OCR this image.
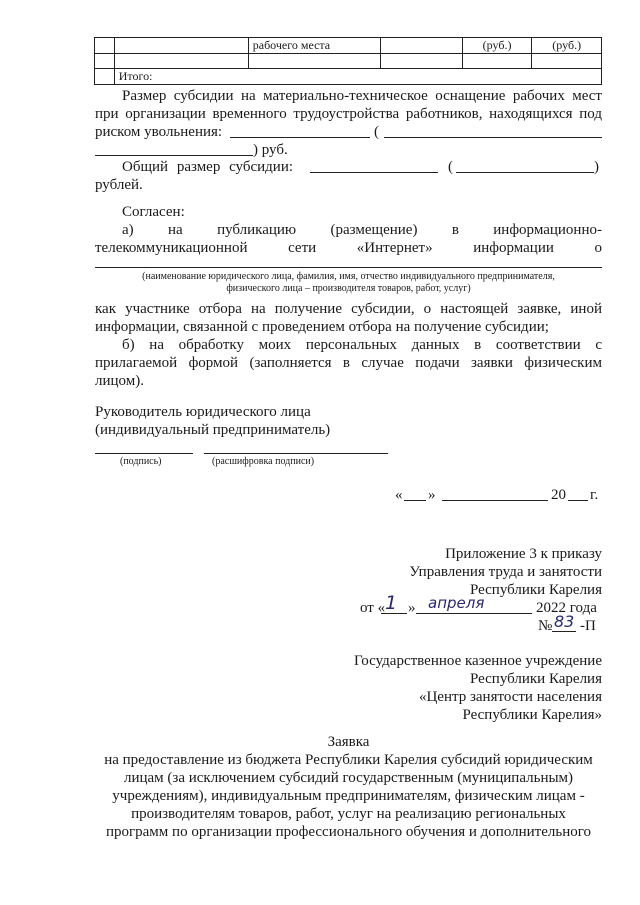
		рабочего места		(руб.)	(руб.)

	Итого:				
Размер субсидии на материально-техническое оснащение рабочих мест
при организации временного трудоустройства работников, находящихся под
риском увольнения:	(
) руб.
Общий размер субсидии:	(	)
рублей.
Согласен:
а) на публикацию (размещение) в информационно-
телекоммуникационной	сети	«Интернет»	информации	о
(наименование юридического лица, фамилия, имя, отчество индивидуального предпринимателя,
физического лица – производителя товаров, работ, услуг)
как участнике отбора на получение субсидии, о настоящей заявке, иной
информации, связанной с проведением отбора на получение субсидии;
б) на обработку моих персональных данных в соответствии с
прилагаемой формой (заполняется в случае подачи заявки физическим
лицом).
Руководитель юридического лица
(индивидуальный предприниматель)
(подпись)	(расшифровка подписи)
« »	20 г.
Приложение 3 к приказу
Управления труда и занятости
Республики Карелия
от « 1 » апреля	2022 года
№ 83 -П
Государственное казенное учреждение
Республики Карелия
«Центр занятости населения
Республики Карелия»
Заявка
на предоставление из бюджета Республики Карелия субсидий юридическим
лицам (за исключением субсидий государственным (муниципальным)
учреждениям), индивидуальным предпринимателям, физическим лицам -
производителям товаров, работ, услуг на реализацию региональных
программ по организации профессионального обучения и дополнительного
